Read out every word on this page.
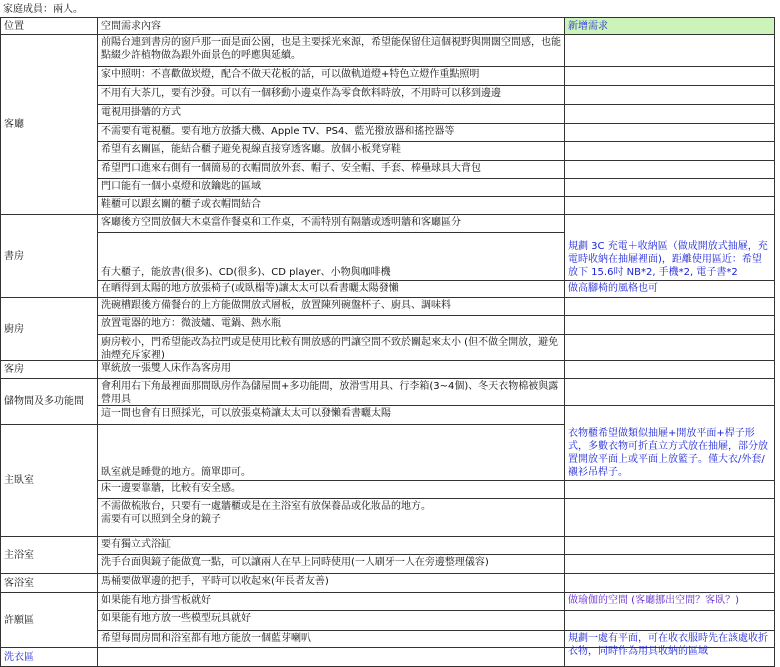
家庭成員：兩人。
位置	空間需求內容	新增需求
客廳
書房
廚房
客房
儲物間及多功能間
主臥室
主浴室
客浴室
許願區
洗衣區
前陽台連到書房的窗戶那一面是面公園，也是主要採光來源，希望能保留住這個視野與開闊空間感，也能點綴少許植物做為跟外面景色的呼應與延續。
家中照明：不喜歡做崁燈，配合不做天花板的話，可以做軌道燈+特色立燈作重點照明
不用有大茶几，要有沙發。可以有一個移動小邊桌作為零食飲料時放，不用時可以移到邊邊
電視用掛牆的方式
不需要有電視櫃。要有地方放播大機、Apple TV、PS4、藍光撥放器和搖控器等
希望有玄關區，能結合櫃子避免視線直接穿透客廳。放個小板凳穿鞋
希望門口進來右側有一個簡易的衣帽間放外套、帽子、安全帽、手套、棒壘球具大背包
門口能有一個小桌燈和放鑰匙的區域
鞋櫃可以跟玄關的櫃子或衣帽間結合
客廳後方空間放個大木桌當作餐桌和工作桌，不需特別有隔牆或透明牆和客廳區分
有大櫃子，能放書(很多)、CD(很多)、CD player、小物與咖啡機
在晒得到太陽的地方放張椅子(或臥榻等)讓太太可以看書曬太陽發懶
洗碗槽跟後方備餐台的上方能做開放式層板，放置陳列碗盤杯子、廚具、調味料
放置電器的地方：微波爐、電鍋、熱水瓶
廚房較小，門希望能改為拉門或是使用比較有開放感的門讓空間不致於關起來太小 (但不做全開放，避免油煙充斥家裡)
單統放一張雙人床作為客房用
會利用右下角最裡面那間臥房作為儲屋間+多功能間，放滑雪用具、行李箱(3~4個)、冬天衣物棉被與露營用具
這一間也會有日照採光，可以放張桌椅讓太太可以發懶看書曬太陽
臥室就是睡覺的地方。簡單即可。
床一邊要靠牆，比較有安全感。
不需做梳妝台，只要有一處牆櫃或是在主浴室有放保養品或化妝品的地方。
需要有可以照到全身的鏡子
要有獨立式浴缸
洗手台面與鏡子能做寬一點，可以讓兩人在早上同時使用(一人刷牙一人在旁邊整理儀容)
馬桶要做單邊的把手，平時可以收起來(年長者友善)
如果能有地方掛雪板就好
如果能有地方放一些模型玩具就好
希望每間房間和浴室都有地方能放一個藍芽喇叭
規劃 3C 充電＋收納區（做成開放式抽屜，充電時收納在抽屜裡面)，距離使用區近：希望放下 15.6吋 NB*2, 手機*2, 電子書*2
做高腳椅的風格也可
衣物櫃希望做類似抽屜+開放平面+桿子形式，多數衣物可折直立方式放在抽屜，部分放置開放平面上或平面上放籃子。僅大衣/外套/襯衫吊桿子。
做瑜伽的空間 (客廳挪出空間？客臥？)
規劃一處有平面，可在收衣服時先在該處收折衣物，同時作為用具收納的區域
